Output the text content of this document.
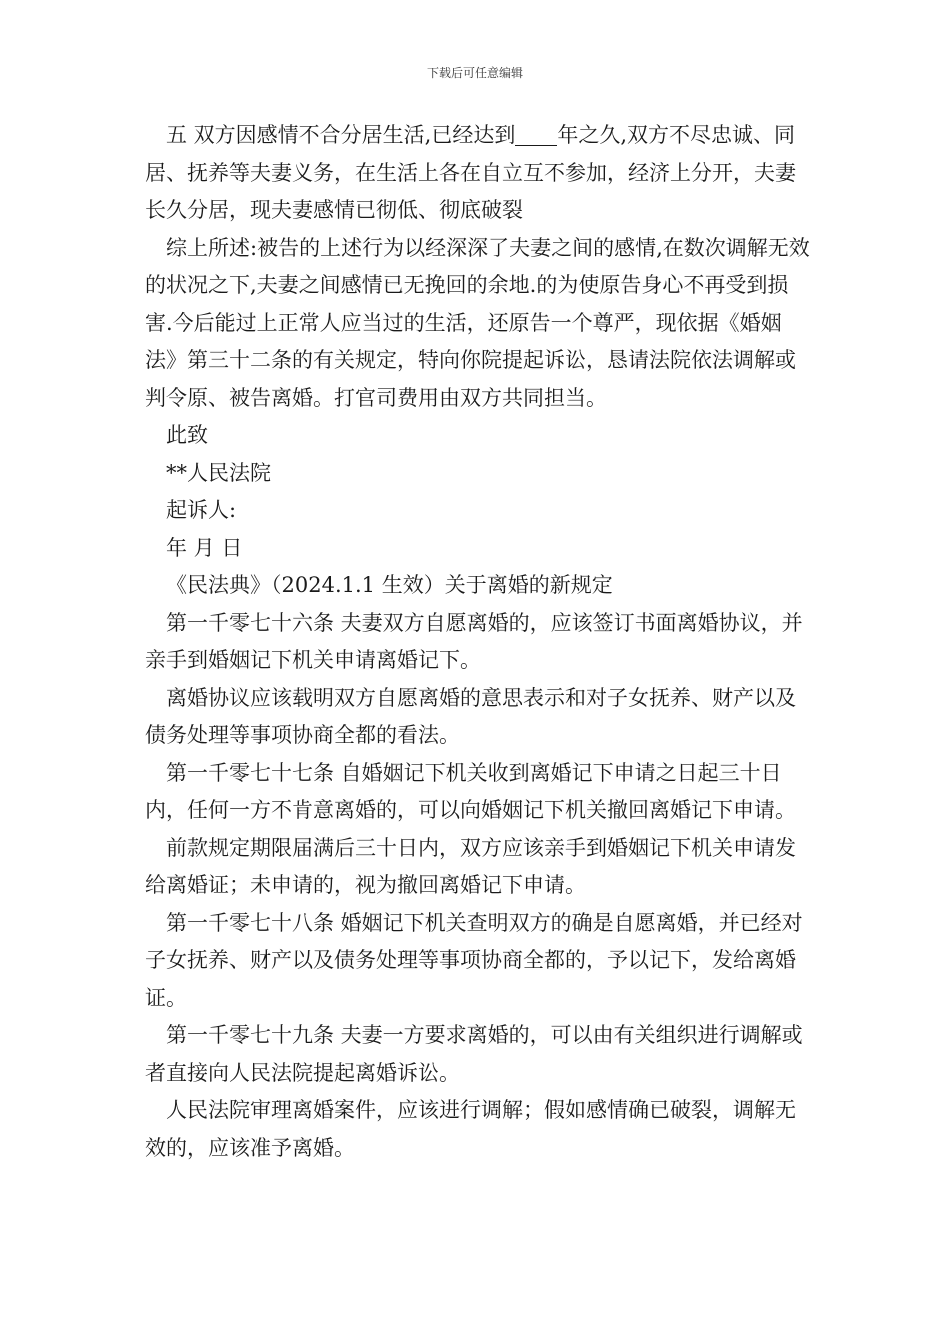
下载后可任意编辑

五 双方因感情不合分居生活,已经达到 年之久,双方不尽忠诚、同居、抚养等夫妻义务，在生活上各在自立互不参加，经济上分开，夫妻长久分居，现夫妻感情已彻低、彻底破裂

综上所述:被告的上述行为以经深深了夫妻之间的感情,在数次调解无效的状况之下,夫妻之间感情已无挽回的余地.的为使原告身心不再受到损害.今后能过上正常人应当过的生活，还原告一个尊严，现依据《婚姻法》第三十二条的有关规定，特向你院提起诉讼，恳请法院依法调解或判令原、被告离婚。打官司费用由双方共同担当。

此致

**人民法院

起诉人:

年 月 日

《民法典》（2024.1.1 生效）关于离婚的新规定

第一千零七十六条 夫妻双方自愿离婚的，应该签订书面离婚协议，并亲手到婚姻记下机关申请离婚记下。

离婚协议应该载明双方自愿离婚的意思表示和对子女抚养、财产以及债务处理等事项协商全都的看法。

第一千零七十七条 自婚姻记下机关收到离婚记下申请之日起三十日内，任何一方不肯意离婚的，可以向婚姻记下机关撤回离婚记下申请。

前款规定期限届满后三十日内，双方应该亲手到婚姻记下机关申请发给离婚证；未申请的，视为撤回离婚记下申请。

第一千零七十八条 婚姻记下机关查明双方的确是自愿离婚，并已经对子女抚养、财产以及债务处理等事项协商全都的，予以记下，发给离婚证。

第一千零七十九条 夫妻一方要求离婚的，可以由有关组织进行调解或者直接向人民法院提起离婚诉讼。

人民法院审理离婚案件，应该进行调解；假如感情确已破裂，调解无效的，应该准予离婚。
